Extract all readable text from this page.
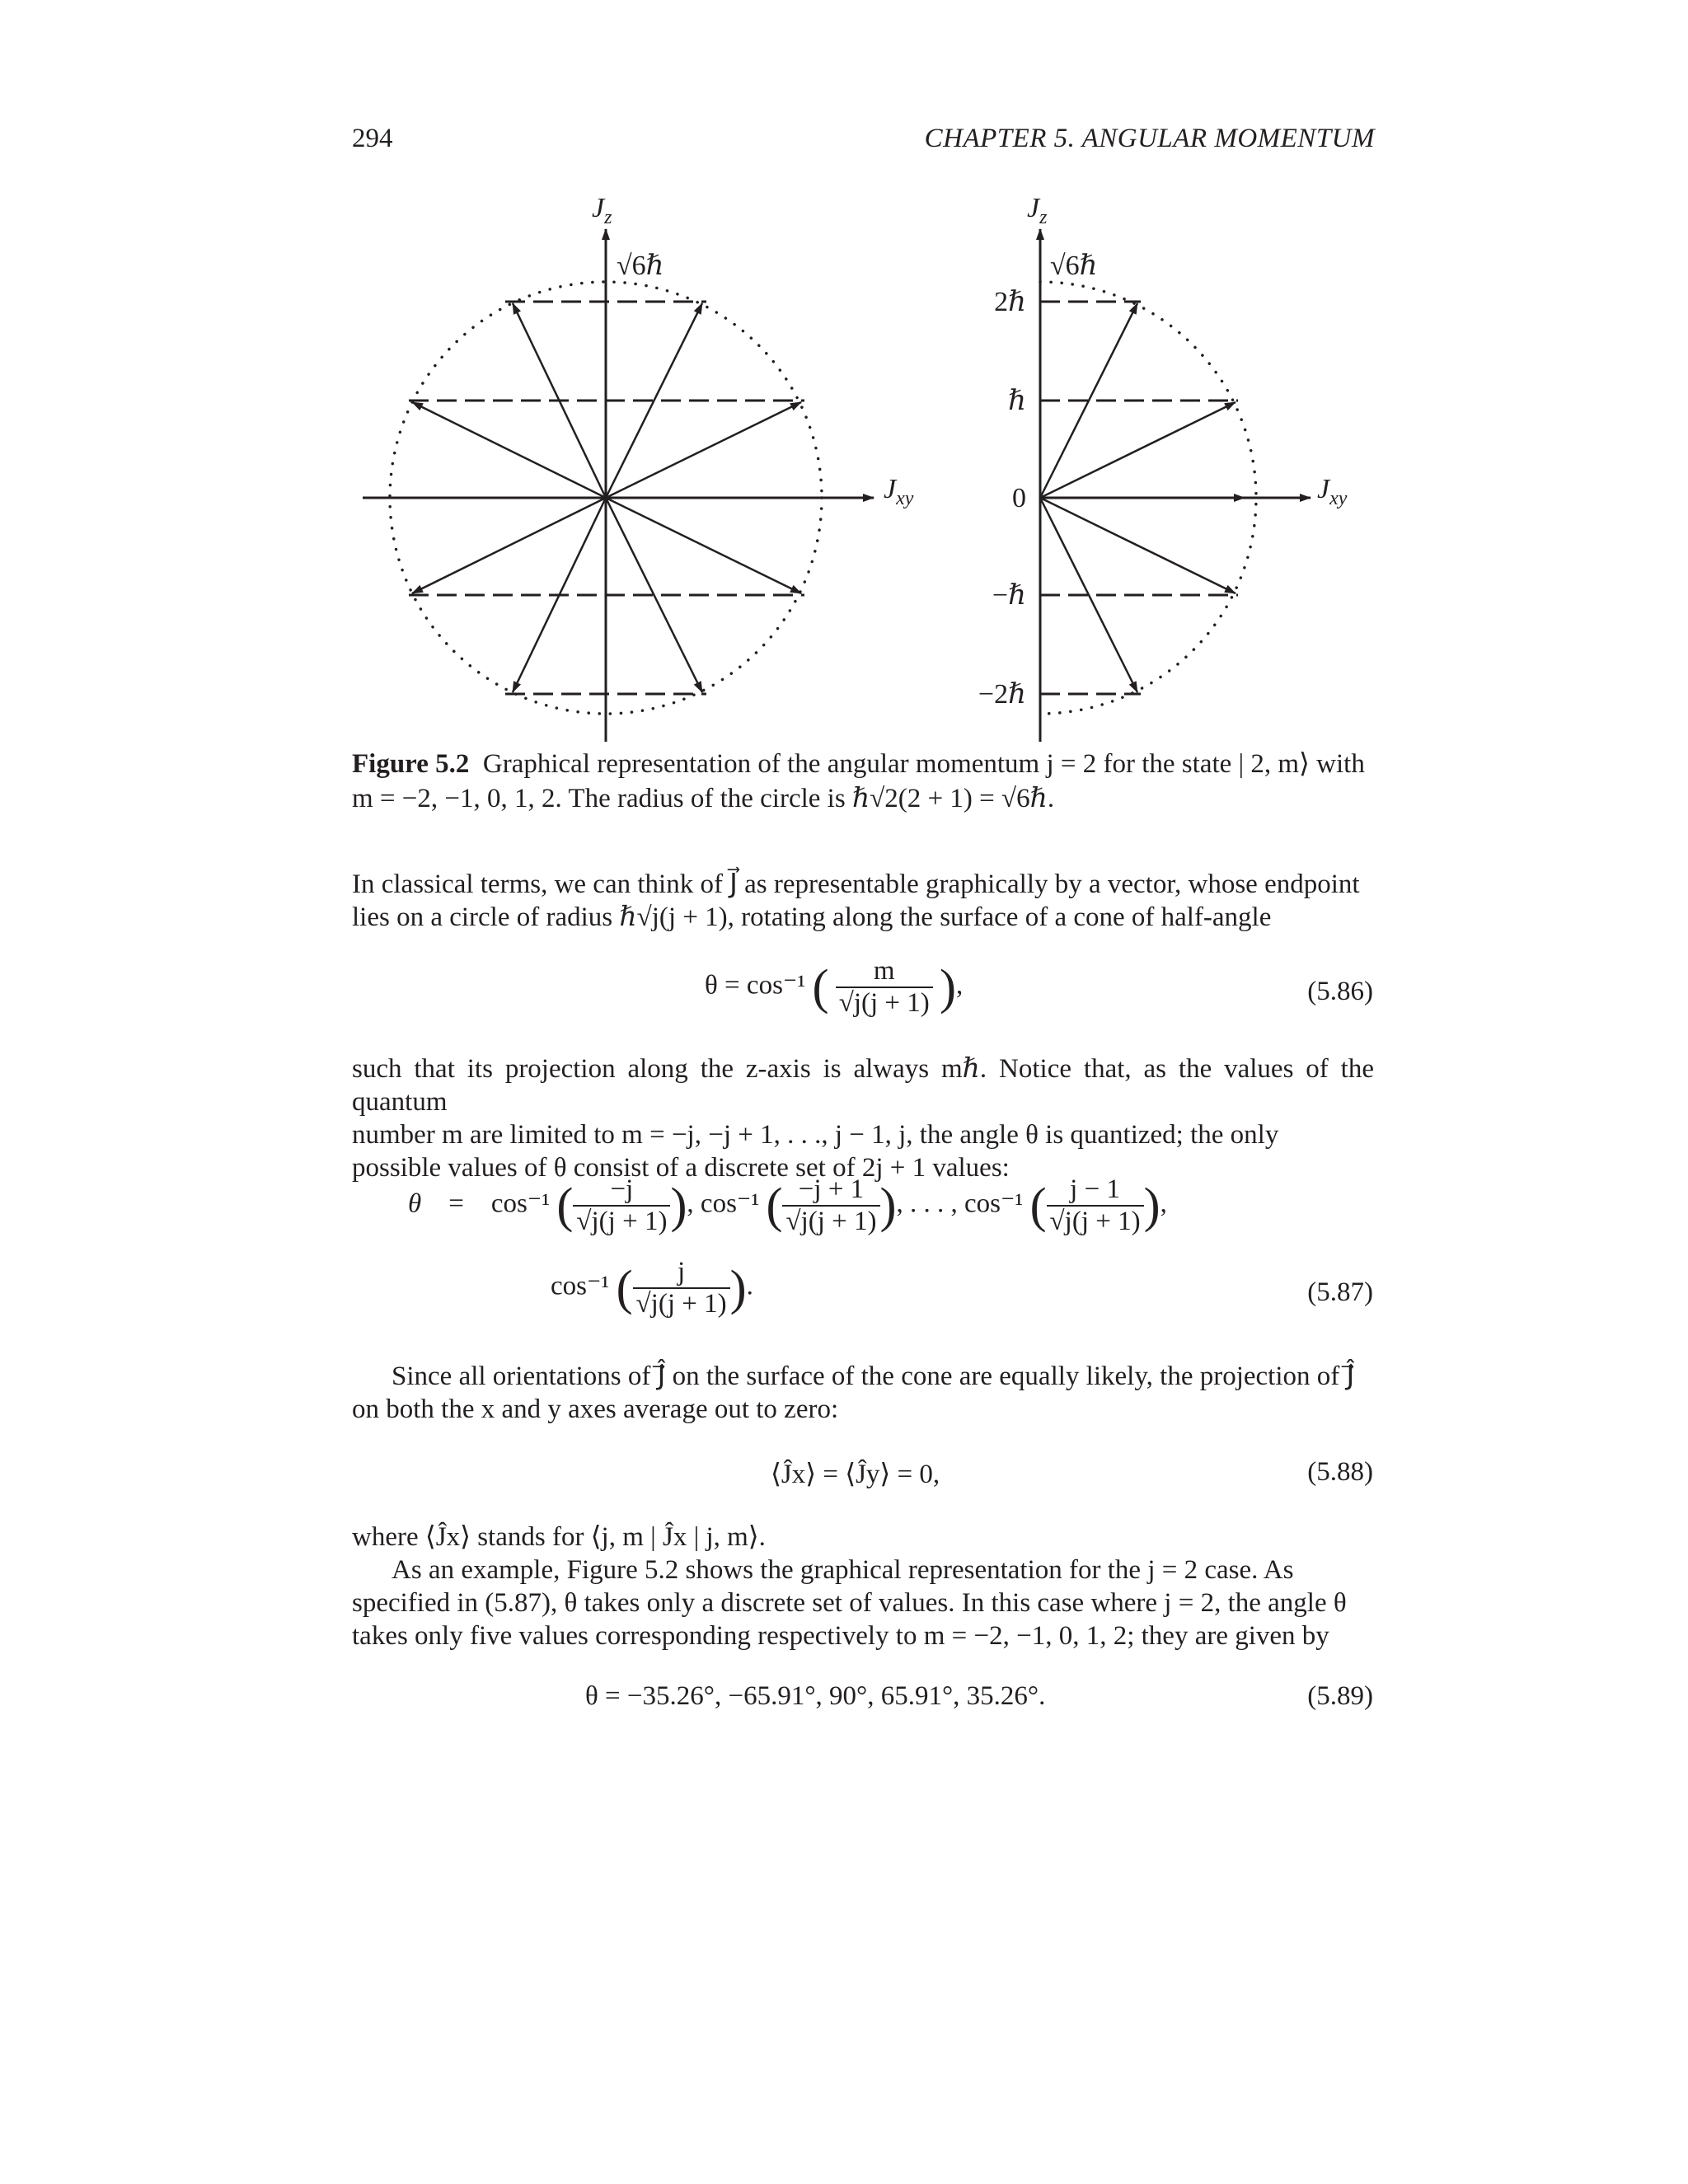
294	CHAPTER 5. ANGULAR MOMENTUM
$J_z$
√6ℏ
$J_{xy}$
$J_z$
√6ℏ
$J_{xy}$
2ℏ
ℏ
0
−ℏ
−2ℏ
Figure 5.2 Graphical representation of the angular momentum j = 2 for the state | 2, m⟩ with
m = −2, −1, 0, 1, 2. The radius of the circle is ℏ√2(2 + 1) = √6ℏ.
In classical terms, we can think of J⃗ as representable graphically by a vector, whose endpoint
lies on a circle of radius ℏ√j(j + 1), rotating along the surface of a cone of half-angle
θ = cos⁻¹ ( $\frac{m}{√j(j + 1)}$ ),	(5.86)
such that its projection along the z-axis is always mℏ. Notice that, as the values of the quantum
number m are limited to m = −j, −j + 1, . . ., j − 1, j, the angle θ is quantized; the only
possible values of θ consist of a discrete set of 2j + 1 values:
θ = cos⁻¹ ( $\frac{-j}{√j(j + 1)}$ ), cos⁻¹ ( $\frac{-j + 1}{√j(j + 1)}$ ), . . . , cos⁻¹ ( $\frac{j - 1}{√j(j + 1)}$ ),
cos⁻¹ ( $\frac{j}{√j(j + 1)}$ ).	(5.87)
Since all orientations of Ĵ⃗ on the surface of the cone are equally likely, the projection of Ĵ⃗
on both the x and y axes average out to zero:
⟨Ĵx⟩ = ⟨Ĵy⟩ = 0,	(5.88)
where ⟨Ĵx⟩ stands for ⟨j, m | Ĵx | j, m⟩.
As an example, Figure 5.2 shows the graphical representation for the j = 2 case. As
specified in (5.87), θ takes only a discrete set of values. In this case where j = 2, the angle θ
takes only five values corresponding respectively to m = −2, −1, 0, 1, 2; they are given by
θ = −35.26°, −65.91°, 90°, 65.91°, 35.26°.	(5.89)
